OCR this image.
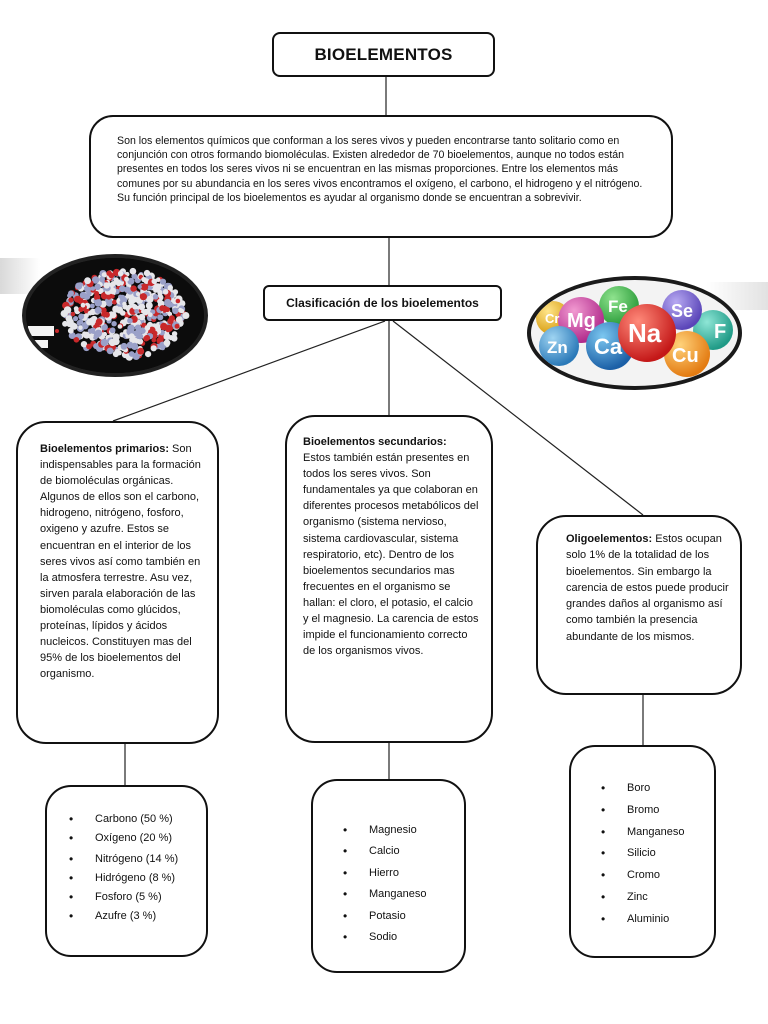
BIOELEMENTOS
Son los elementos químicos que conforman a los seres vivos y pueden encontrarse tanto solitario como en conjunción con otros formando biomoléculas. Existen alrededor de 70 bioelementos, aunque no todos están presentes en todos los seres vivos ni se encuentran en las mismas proporciones. Entre los elementos más comunes por su abundancia en los seres vivos encontramos el oxígeno, el carbono, el hidrogeno y el nitrógeno. Su función principal de los bioelementos es ayudar al organismo donde se encuentran a sobrevivir.
Clasificación de los bioelementos
Cr Mg
Fe Se
F
Zn Ca Na
Cu
Bioelementos primarios: Son indispensables para la formación de biomoléculas orgánicas.
Algunos de ellos son el carbono,
hidrogeno, nitrógeno, fosforo, oxigeno y azufre. Estos se encuentran en el interior de los seres vivos así como también en la atmosfera terrestre. Asu vez, sirven parala elaboración de las biomoléculas como glúcidos, proteínas, lípidos y ácidos nucleicos. Constituyen mas del 95% de los bioelementos del organismo.
Bioelementos secundarios:
Estos también están presentes en todos los seres vivos. Son fundamentales ya que colaboran en diferentes procesos metabólicos del organismo (sistema nervioso, sistema cardiovascular, sistema respiratorio, etc). Dentro de los bioelementos secundarios mas frecuentes en el organismo se hallan: el cloro, el potasio, el calcio y el magnesio. La carencia de estos impide el funcionamiento correcto de los organismos vivos.
Oligoelementos: Estos ocupan solo 1% de la totalidad de los bioelementos. Sin embargo la carencia de estos puede producir grandes daños al organismo así como también la presencia abundante de los mismos.
• Carbono (50 %)
• Oxígeno (20 %)
• Nitrógeno (14 %)
• Hidrógeno (8 %)
• Fosforo (5 %)
• Azufre (3 %)
• Magnesio
• Calcio
• Hierro
• Manganeso
• Potasio
• Sodio
• Boro
• Bromo
• Manganeso
• Silicio
• Cromo
• Zinc
• Aluminio
